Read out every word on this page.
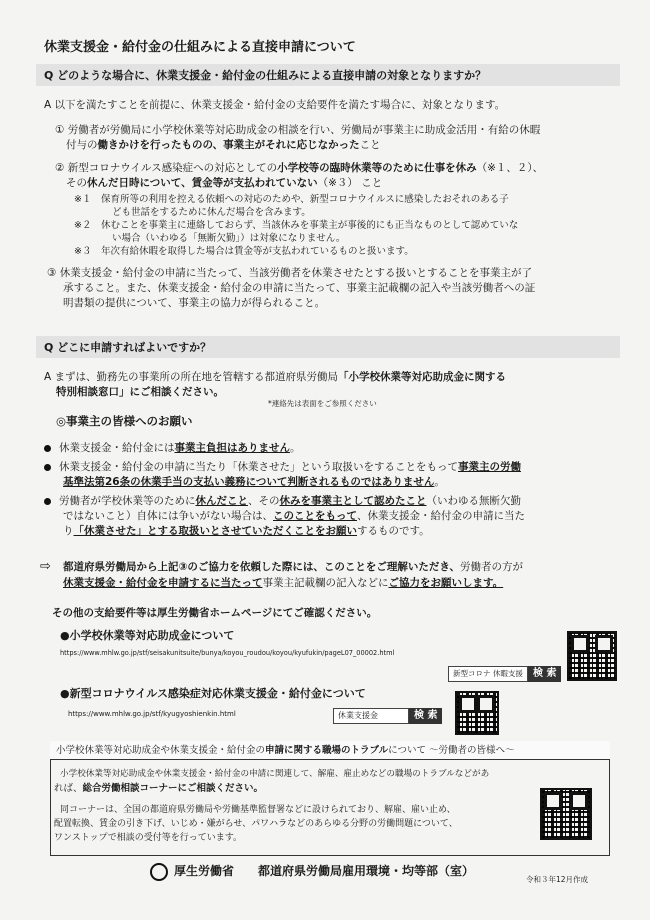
休業支援金・給付金の仕組みによる直接申請について
Q どのような場合に、休業支援金・給付金の仕組みによる直接申請の対象となりますか？
A 以下を満たすことを前提に、休業支援金・給付金の支給要件を満たす場合に、対象となります。
① 労働者が労働局に小学校休業等対応助成金の相談を行い、労働局が事業主に助成金活用・有給の休暇
付与の働きかけを行ったものの、事業主がそれに応じなかったこと
② 新型コロナウイルス感染症への対応としての小学校等の臨時休業等のために仕事を休み（※１、２）、
その休んだ日時について、賃金等が支払われていない（※３） こと
※１　保育所等の利用を控える依頼への対応のためや、新型コロナウイルスに感染したおそれのある子
ども世話をするために休んだ場合を含みます。
※２　休むことを事業主に連絡しておらず、当該休みを事業主が事後的にも正当なものとして認めていな
い場合（いわゆる「無断欠勤」）は対象になりません。
※３　年次有給休暇を取得した場合は賃金等が支払われているものと扱います。
③ 休業支援金・給付金の申請に当たって、当該労働者を休業させたとする扱いとすることを事業主が了
承すること。また、休業支援金・給付金の申請に当たって、事業主記載欄の記入や当該労働者への証
明書類の提供について、事業主の協力が得られること。
Q どこに申請すればよいですか？
A まずは、勤務先の事業所の所在地を管轄する都道府県労働局「小学校休業等対応助成金に関する
特別相談窓口」にご相談ください。
*連絡先は表面をご参照ください
◎事業主の皆様へのお願い
休業支援金・給付金には事業主負担はありません。
休業支援金・給付金の申請に当たり「休業させた」という取扱いをすることをもって事業主の労働
基準法第26条の休業手当の支払い義務について判断されるものではありません。
労働者が学校休業等のために休んだこと、その休みを事業主として認めたこと（いわゆる無断欠勤
ではないこと）自体には争いがない場合は、このことをもって、休業支援金・給付金の申請に当た
り「休業させた」とする取扱いとさせていただくことをお願いするものです。
⇨ 都道府県労働局から上記③のご協力を依頼した際には、このことをご理解いただき、労働者の方が
休業支援金・給付金を申請するに当たって事業主記載欄の記入などにご協力をお願いします。
その他の支給要件等は厚生労働省ホームページにてご確認ください。
●小学校休業等対応助成金について
https://www.mhlw.go.jp/stf/seisakunitsuite/bunya/koyou_roudou/koyou/kyufukin/pageL07_00002.html
新型コロナ 休暇支援	検 索
●新型コロナウイルス感染症対応休業支援金・給付金について
https://www.mhlw.go.jp/stf/kyugyoshienkin.html	休業支援金	検 索
小学校休業等対応助成金や休業支援金・給付金の申請に関する職場のトラブルについて ～労働者の皆様へ～
小学校休業等対応助成金や休業支援金・給付金の申請に関連して、解雇、雇止めなどの職場のトラブルなどがあ
れば、総合労働相談コーナーにご相談ください。
同コーナーは、全国の都道府県労働局や労働基準監督署などに設けられており、解雇、雇い止め、
配置転換、賃金の引き下げ、いじめ・嫌がらせ、パワハラなどのあらゆる分野の労働問題について、
ワンストップで相談の受付等を行っています。
厚生労働省 都道府県労働局雇用環境・均等部（室）
令和３年12月作成
